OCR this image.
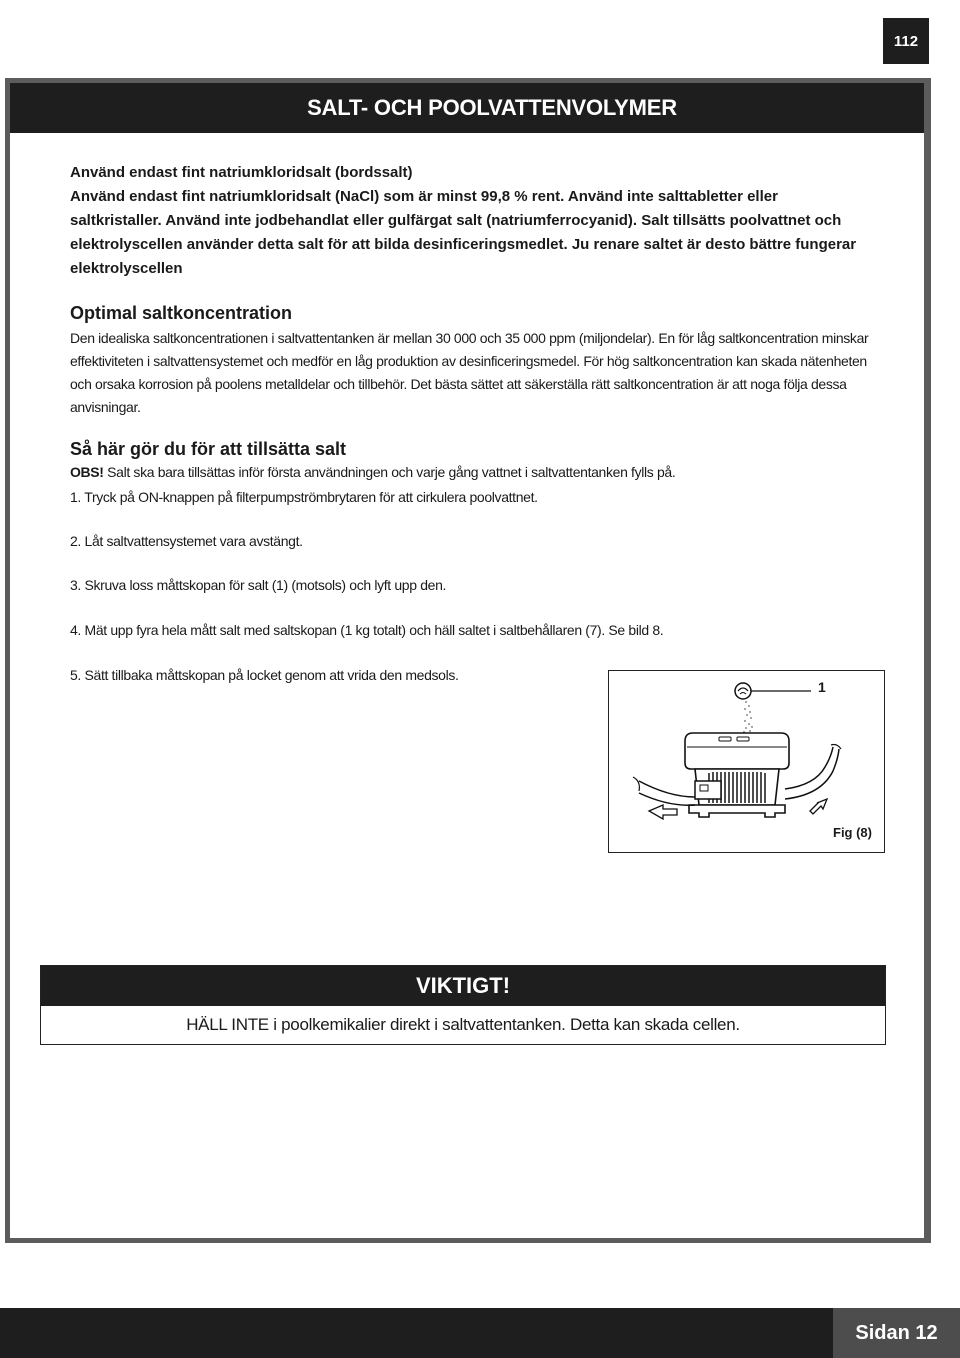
112
SALT- OCH POOLVATTENVOLYMER

Använd endast fint natriumkloridsalt (bordssalt)

Använd endast fint natriumkloridsalt (NaCl) som är minst 99,8 % rent. Använd inte salttabletter eller saltkristaller. Använd inte jodbehandlat eller gulfärgat salt (natriumferrocyanid). Salt tillsätts poolvattnet och elektrolyscellen använder detta salt för att bilda desinficeringsmedlet. Ju renare saltet är desto bättre fungerar elektrolyscellen

Optimal saltkoncentration

Den idealiska saltkoncentrationen i saltvattentanken är mellan 30 000 och 35 000 ppm (miljondelar). En för låg saltkoncentration minskar effektiviteten i saltvattensystemet och medför en låg produktion av desinficeringsmedel. För hög saltkoncentration kan skada nätenheten och orsaka korrosion på poolens metalldelar och tillbehör. Det bästa sättet att säkerställa rätt saltkoncentration är att noga följa dessa anvisningar.

Så här gör du för att tillsätta salt

OBS! Salt ska bara tillsättas inför första användningen och varje gång vattnet i saltvattentanken fylls på.

1. Tryck på ON-knappen på filterpumpströmbrytaren för att cirkulera poolvattnet.

2. Låt saltvattensystemet vara avstängt.

3. Skruva loss måttskopan för salt (1) (motsols) och lyft upp den.

4. Mät upp fyra hela mått salt med saltskopan (1 kg totalt) och häll saltet i saltbehållaren (7). Se bild 8.

5. Sätt tillbaka måttskopan på locket genom att vrida den medsols.

1
Fig (8)
VIKTIGT!
HÄLL INTE i poolkemikalier direkt i saltvattentanken. Detta kan skada cellen.
Sidan 12
